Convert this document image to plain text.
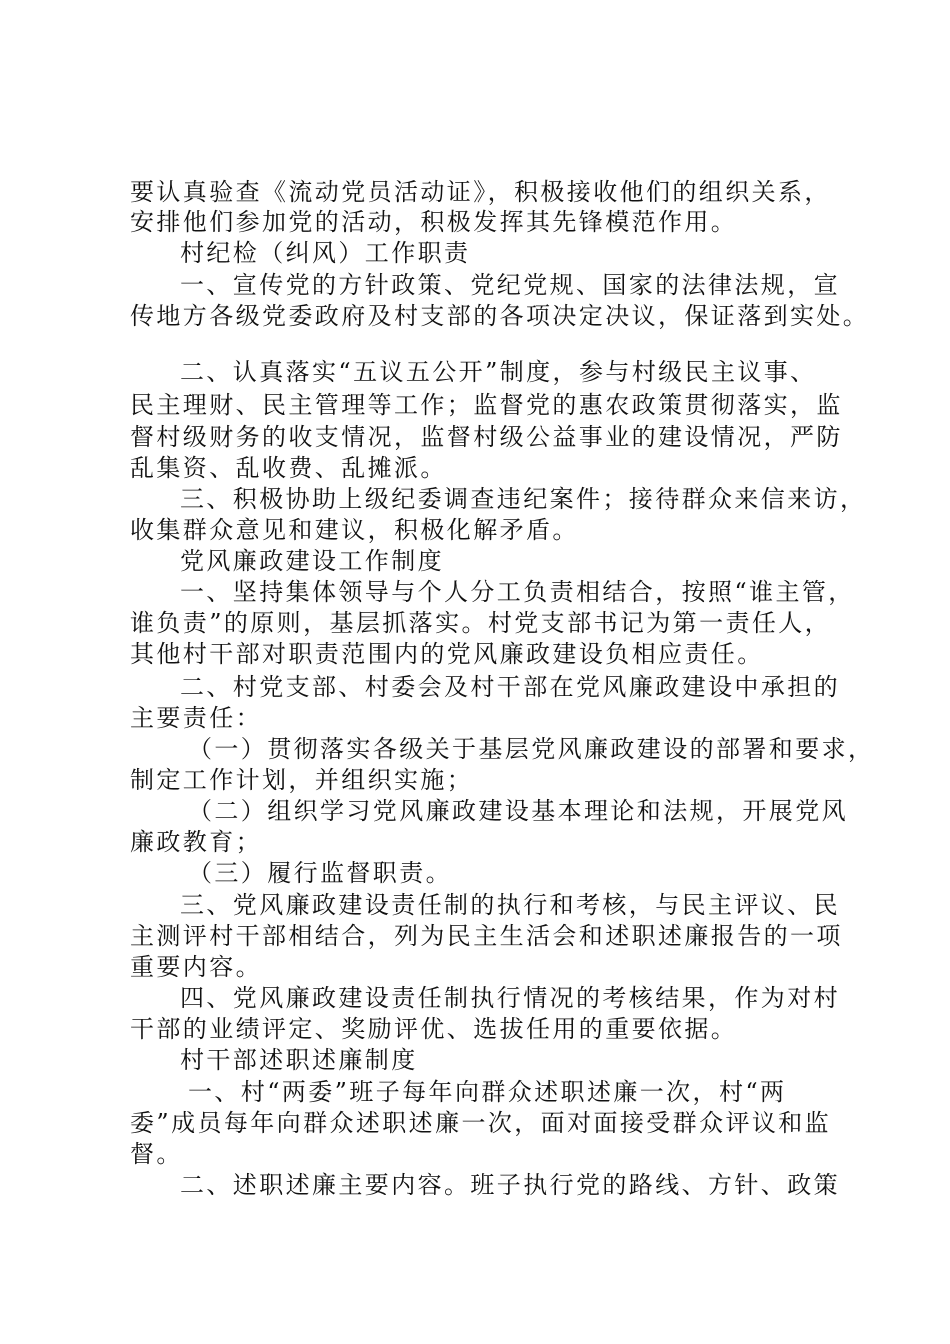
要认真验查《流动党员活动证》，积极接收他们的组织关系，
安排他们参加党的活动，积极发挥其先锋模范作用。
村纪检（纠风）工作职责
一、宣传党的方针政策、党纪党规、国家的法律法规，宣
传地方各级党委政府及村支部的各项决定决议，保证落到实处。
二、认真落实“五议五公开”制度，参与村级民主议事、
民主理财、民主管理等工作；监督党的惠农政策贯彻落实，监
督村级财务的收支情况，监督村级公益事业的建设情况，严防
乱集资、乱收费、乱摊派。
三、积极协助上级纪委调查违纪案件；接待群众来信来访，
收集群众意见和建议，积极化解矛盾。
党风廉政建设工作制度
一、坚持集体领导与个人分工负责相结合，按照“谁主管，
谁负责”的原则，基层抓落实。村党支部书记为第一责任人，
其他村干部对职责范围内的党风廉政建设负相应责任。
二、村党支部、村委会及村干部在党风廉政建设中承担的
主要责任：
（一）贯彻落实各级关于基层党风廉政建设的部署和要求，
制定工作计划，并组织实施；
（二）组织学习党风廉政建设基本理论和法规，开展党风
廉政教育；
（三）履行监督职责。
三、党风廉政建设责任制的执行和考核，与民主评议、民
主测评村干部相结合，列为民主生活会和述职述廉报告的一项
重要内容。
四、党风廉政建设责任制执行情况的考核结果，作为对村
干部的业绩评定、奖励评优、选拔任用的重要依据。
村干部述职述廉制度
一、村“两委”班子每年向群众述职述廉一次，村“两
委”成员每年向群众述职述廉一次，面对面接受群众评议和监
督。
二、述职述廉主要内容。班子执行党的路线、方针、政策
